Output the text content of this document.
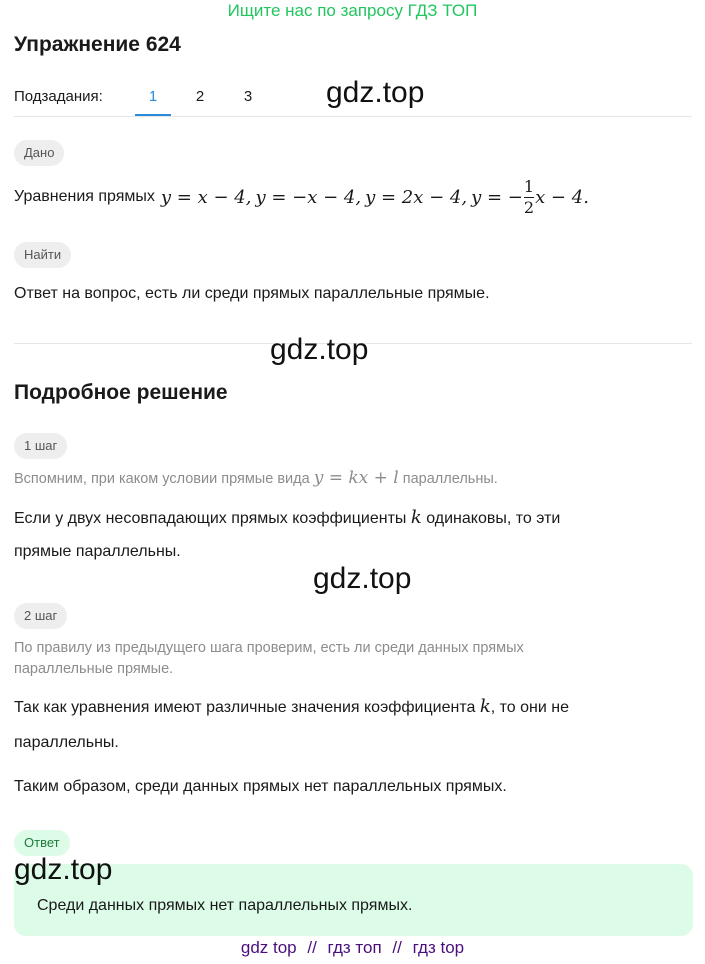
Ищите нас по запросу ГДЗ ТОП
Упражнение 624
Подзадания:	1	2	3	gdz.top
Дано
Уравнения прямых y = x − 4, y = −x − 4, y = 2x − 4, y = − $\frac{1}{2}$ x − 4.
Найти
Ответ на вопрос, есть ли среди прямых параллельные прямые.
gdz.top
Подробное решение
1 шаг
Вспомним, при каком условии прямые вида y = kx + l параллельны.
Если у двух несовпадающих прямых коэффициенты k одинаковы, то эти
прямые параллельны.
gdz.top
2 шаг
По правилу из предыдущего шага проверим, есть ли среди данных прямых
параллельные прямые.
Так как уравнения имеют различные значения коэффициента k, то они не
параллельны.
Таким образом, среди данных прямых нет параллельных прямых.
Ответ
gdz.top
Среди данных прямых нет параллельных прямых.
gdz top // гдз топ // гдз top
